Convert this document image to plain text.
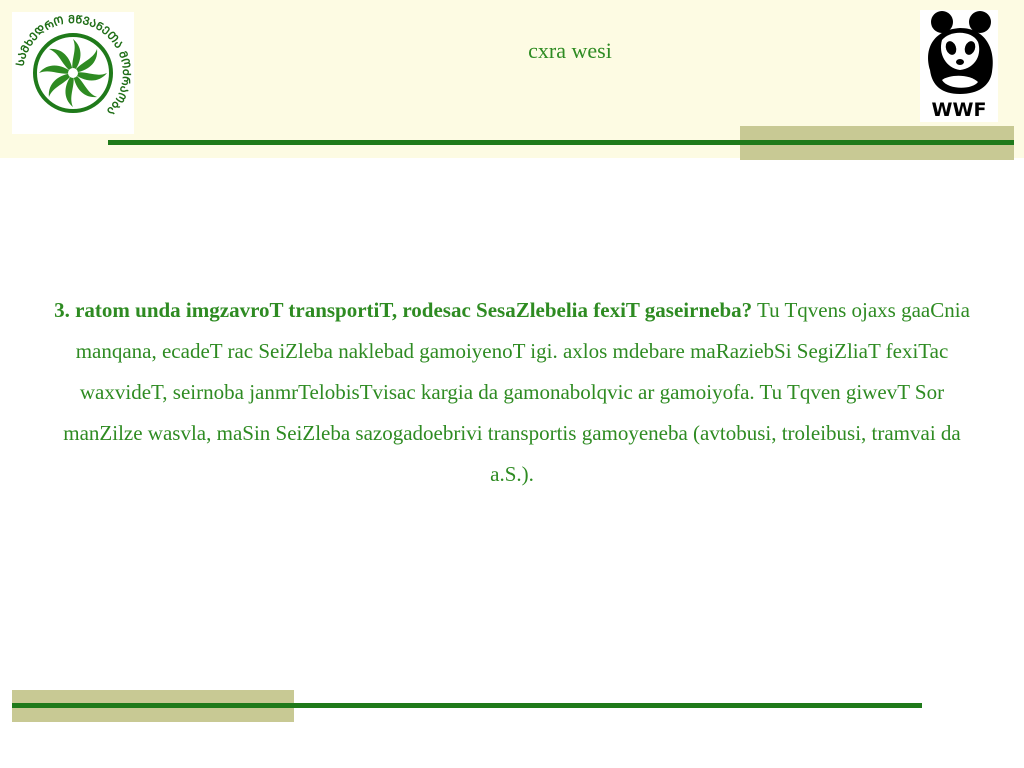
ᲡᲐᲛᲮᲔᲓᲠᲝ ᲛᲬᲕᲐᲜᲔᲗᲐ ᲛᲝᲫᲠᲐᲝᲑᲐ
cxra wesi
WWF
3. ratom unda imgzavroT transportiT, rodesac SesaZlebelia fexiT gaseirneba? Tu Tqvens ojaxs gaaCnia manqana, ecadeT rac SeiZleba naklebad gamoiyenoT igi. axlos mdebare maRaziebSi SegiZliaT fexiTac waxvideT, seirnoba janmrTelobisTvisac kargia da gamonabolqvic ar gamoiyofa. Tu Tqven giwevT Sor manZilze wasvla, maSin SeiZleba sazogadoebrivi transportis gamoyeneba (avtobusi, troleibusi, tramvai da a.S.).
